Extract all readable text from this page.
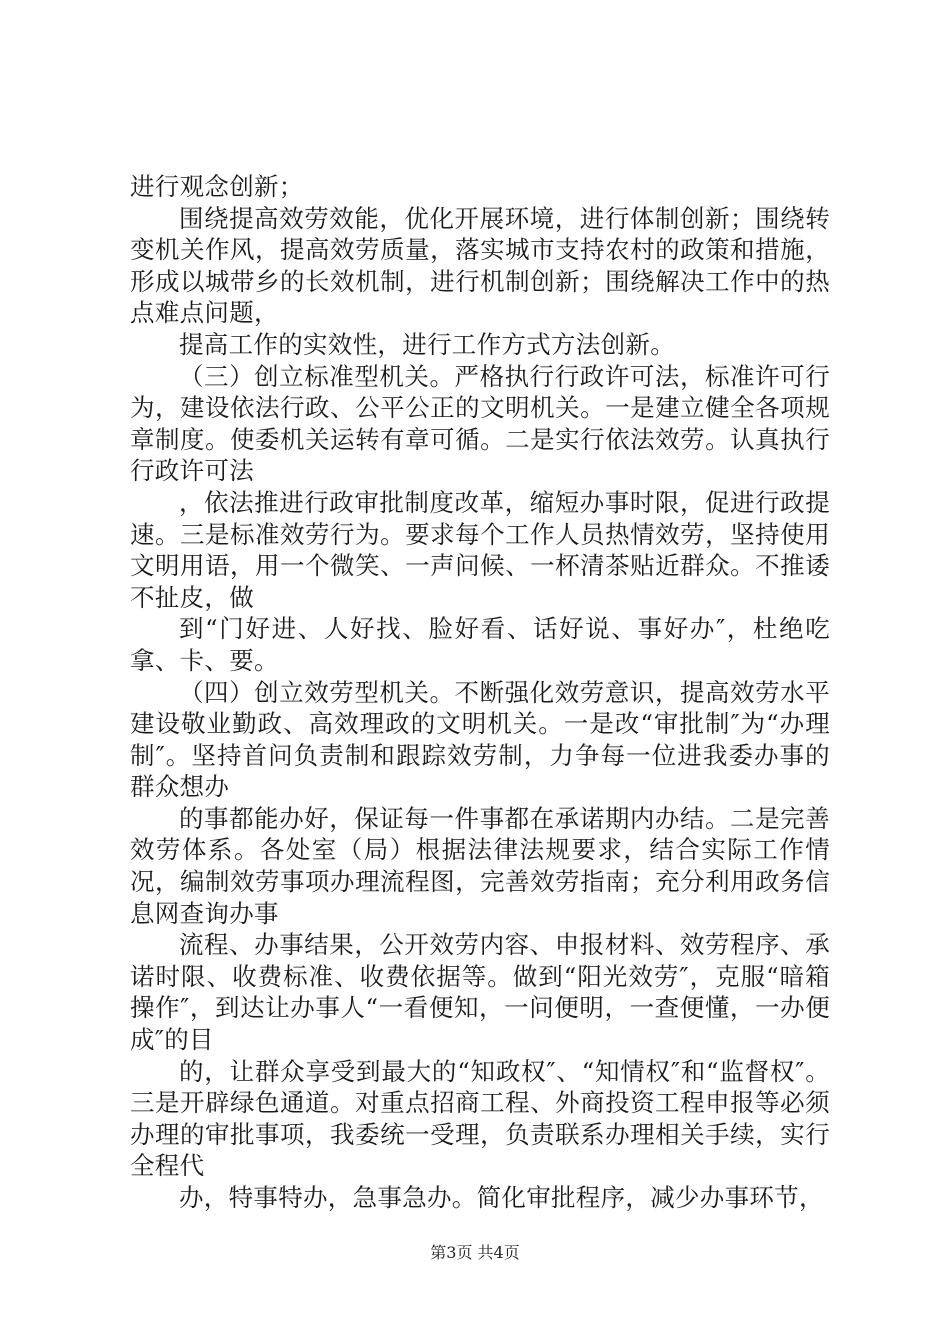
进行观念创新；

围绕提高效劳效能，优化开展环境，进行体制创新；围绕转变机关作风，提高效劳质量，落实城市支持农村的政策和措施，形成以城带乡的长效机制，进行机制创新；围绕解决工作中的热点难点问题，

提高工作的实效性，进行工作方式方法创新。

（三）创立标准型机关。严格执行行政许可法，标准许可行为，建设依法行政、公平公正的文明机关。一是建立健全各项规章制度。使委机关运转有章可循。二是实行依法效劳。认真执行行政许可法

，依法推进行政审批制度改革，缩短办事时限，促进行政提速。三是标准效劳行为。要求每个工作人员热情效劳，坚持使用文明用语，用一个微笑、一声问候、一杯清茶贴近群众。不推诿不扯皮，做

到“门好进、人好找、脸好看、话好说、事好办″，杜绝吃拿、卡、要。

（四）创立效劳型机关。不断强化效劳意识，提高效劳水平建设敬业勤政、高效理政的文明机关。一是改“审批制″为“办理制″。坚持首问负责制和跟踪效劳制，力争每一位进我委办事的群众想办

的事都能办好，保证每一件事都在承诺期内办结。二是完善效劳体系。各处室（局）根据法律法规要求，结合实际工作情况，编制效劳事项办理流程图，完善效劳指南；充分利用政务信息网查询办事

流程、办事结果，公开效劳内容、申报材料、效劳程序、承诺时限、收费标准、收费依据等。做到“阳光效劳″，克服“暗箱操作″，到达让办事人“一看便知，一问便明，一查便懂，一办便成″的目

的，让群众享受到最大的“知政权″、“知情权″和“监督权″。三是开辟绿色通道。对重点招商工程、外商投资工程申报等必须办理的审批事项，我委统一受理，负责联系办理相关手续，实行全程代

办，特事特办，急事急办。简化审批程序，减少办事环节，

第3页 共4页
